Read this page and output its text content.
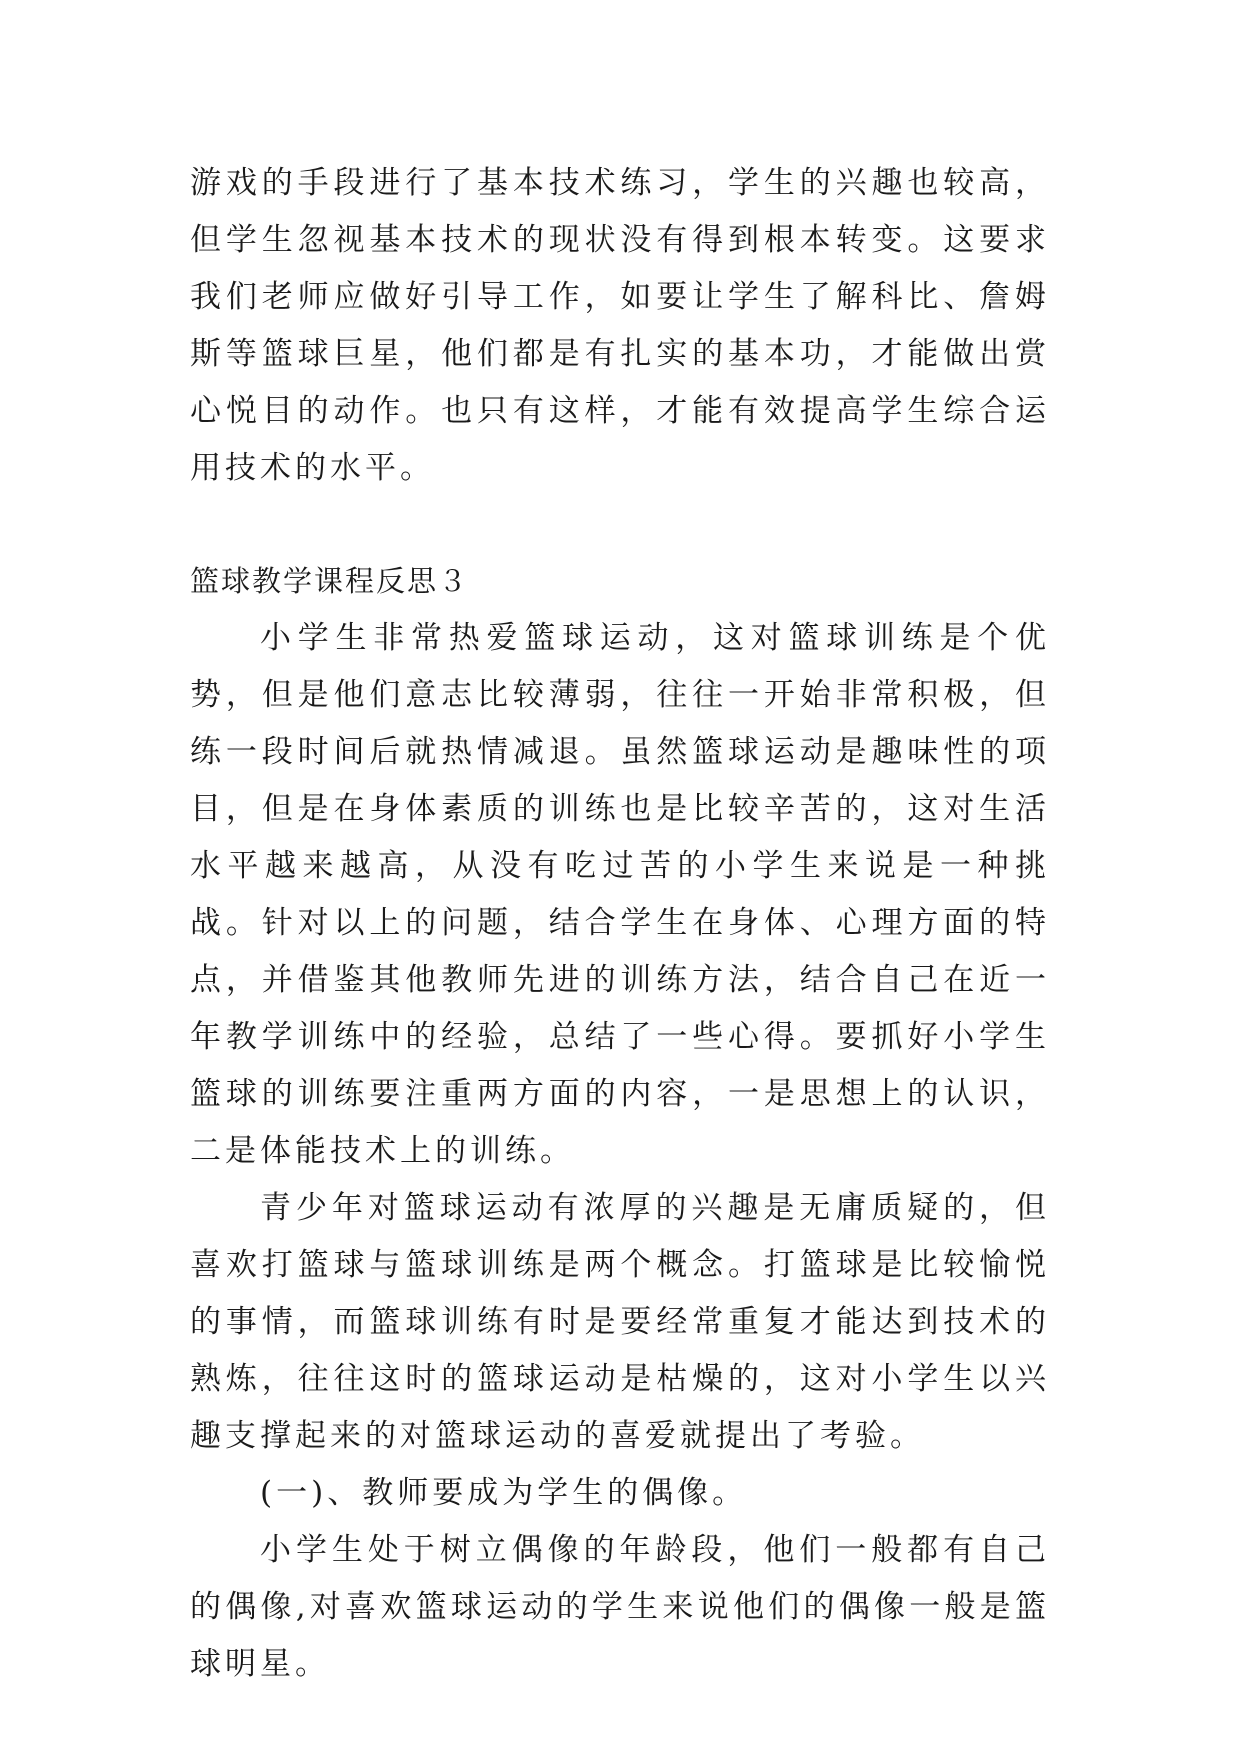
游戏的手段进行了基本技术练习，学生的兴趣也较高，但学生忽视基本技术的现状没有得到根本转变。这要求我们老师应做好引导工作，如要让学生了解科比、詹姆斯等篮球巨星，他们都是有扎实的基本功，才能做出赏心悦目的动作。也只有这样，才能有效提高学生综合运用技术的水平。

篮球教学课程反思３

小学生非常热爱篮球运动，这对篮球训练是个优势，但是他们意志比较薄弱，往往一开始非常积极，但练一段时间后就热情减退。虽然篮球运动是趣味性的项目，但是在身体素质的训练也是比较辛苦的，这对生活水平越来越高，从没有吃过苦的小学生来说是一种挑战。针对以上的问题，结合学生在身体、心理方面的特点，并借鉴其他教师先进的训练方法，结合自己在近一年教学训练中的经验，总结了一些心得。要抓好小学生篮球的训练要注重两方面的内容，一是思想上的认识，二是体能技术上的训练。

青少年对篮球运动有浓厚的兴趣是无庸质疑的，但喜欢打篮球与篮球训练是两个概念。打篮球是比较愉悦的事情，而篮球训练有时是要经常重复才能达到技术的熟炼，往往这时的篮球运动是枯燥的，这对小学生以兴趣支撑起来的对篮球运动的喜爱就提出了考验。

(一)、教师要成为学生的偶像。

小学生处于树立偶像的年龄段，他们一般都有自己的偶像,对喜欢篮球运动的学生来说他们的偶像一般是篮球明星。
